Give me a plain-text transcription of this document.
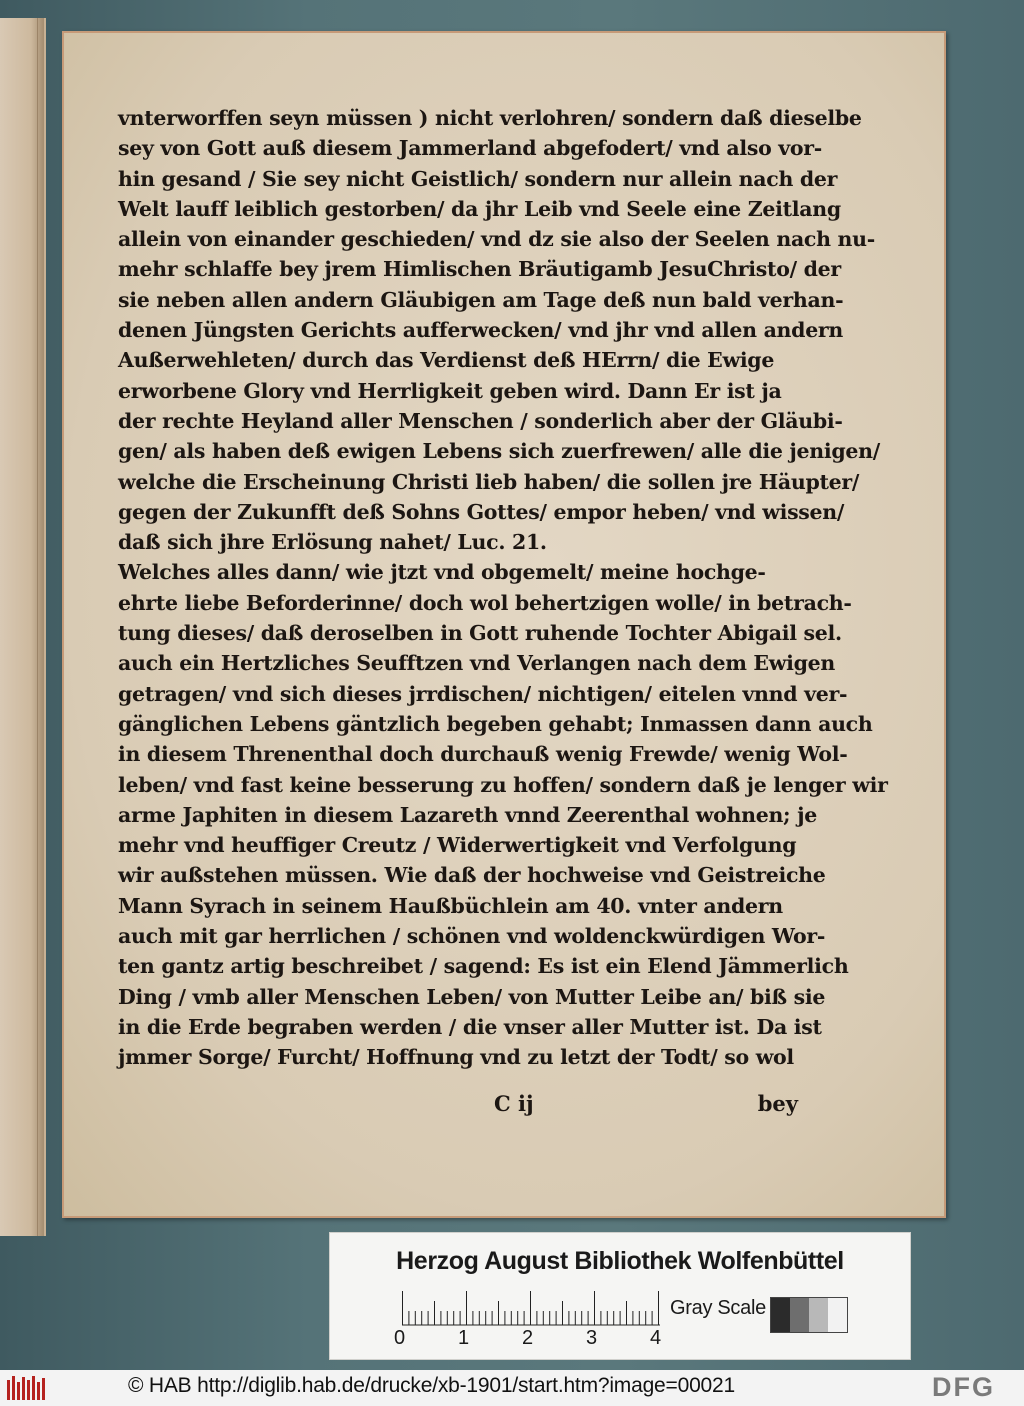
vnterworffen seyn müssen ) nicht verlohren/ sondern daß dieselbe
sey von Gott auß diesem Jammerland abgefodert/ vnd also vor-
hin gesand / Sie sey nicht Geistlich/ sondern nur allein nach der
Welt lauff leiblich gestorben/ da jhr Leib vnd Seele eine Zeitlang
allein von einander geschieden/ vnd dz sie also der Seelen nach nu-
mehr schlaffe bey jrem Himlischen Bräutigamb JesuChristo/ der
sie neben allen andern Gläubigen am Tage deß nun bald verhan-
denen Jüngsten Gerichts aufferwecken/ vnd jhr vnd allen andern
Außerwehleten/ durch das Verdienst deß HErrn/ die Ewige
erworbene Glory vnd Herrligkeit geben wird. Dann Er ist ja
der rechte Heyland aller Menschen / sonderlich aber der Gläubi-
gen/ als haben deß ewigen Lebens sich zuerfrewen/ alle die jenigen/
welche die Erscheinung Christi lieb haben/ die sollen jre Häupter/
gegen der Zukunfft deß Sohns Gottes/ empor heben/ vnd wissen/
daß sich jhre Erlösung nahet/ Luc. 21.
Welches alles dann/ wie jtzt vnd obgemelt/ meine hochge-
ehrte liebe Beforderinne/ doch wol behertzigen wolle/ in betrach-
tung dieses/ daß deroselben in Gott ruhende Tochter Abigail sel.
auch ein Hertzliches Seufftzen vnd Verlangen nach dem Ewigen
getragen/ vnd sich dieses jrrdischen/ nichtigen/ eitelen vnnd ver-
gänglichen Lebens gäntzlich begeben gehabt; Inmassen dann auch
in diesem Threnenthal doch durchauß wenig Frewde/ wenig Wol-
leben/ vnd fast keine besserung zu hoffen/ sondern daß je lenger wir
arme Japhiten in diesem Lazareth vnnd Zeerenthal wohnen; je
mehr vnd heuffiger Creutz / Widerwertigkeit vnd Verfolgung
wir außstehen müssen. Wie daß der hochweise vnd Geistreiche
Mann Syrach in seinem Haußbüchlein am 40. vnter andern
auch mit gar herrlichen / schönen vnd woldenckwürdigen Wor-
ten gantz artig beschreibet / sagend: Es ist ein Elend Jämmerlich
Ding / vmb aller Menschen Leben/ von Mutter Leibe an/ biß sie
in die Erde begraben werden / die vnser aller Mutter ist. Da ist
jmmer Sorge/ Furcht/ Hoffnung vnd zu letzt der Todt/ so wol
C ij	bey
Herzog August Bibliothek Wolfenbüttel
0	1	2	3	4
Gray Scale
© HAB http://diglib.hab.de/drucke/xb-1901/start.htm?image=00021	DFG
